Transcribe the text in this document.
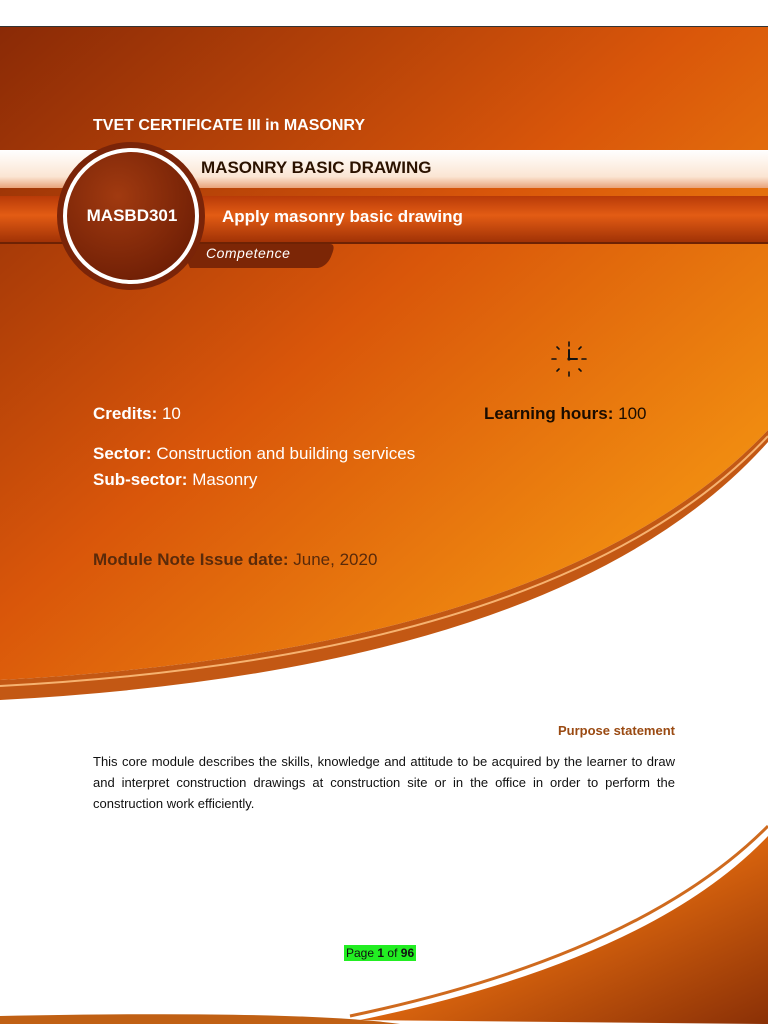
TVET CERTIFICATE III in MASONRY
MASONRY BASIC DRAWING
MASBD301	Apply masonry basic drawing
Competence
Credits: 10	Learning hours: 100
Sector: Construction and building services
Sub-sector: Masonry
Module Note Issue date: June, 2020
Purpose statement
This core module describes the skills, knowledge and attitude to be acquired by the learner to draw and interpret construction drawings at construction site or in the office in order to perform the construction work efficiently.
Page 1 of 96
